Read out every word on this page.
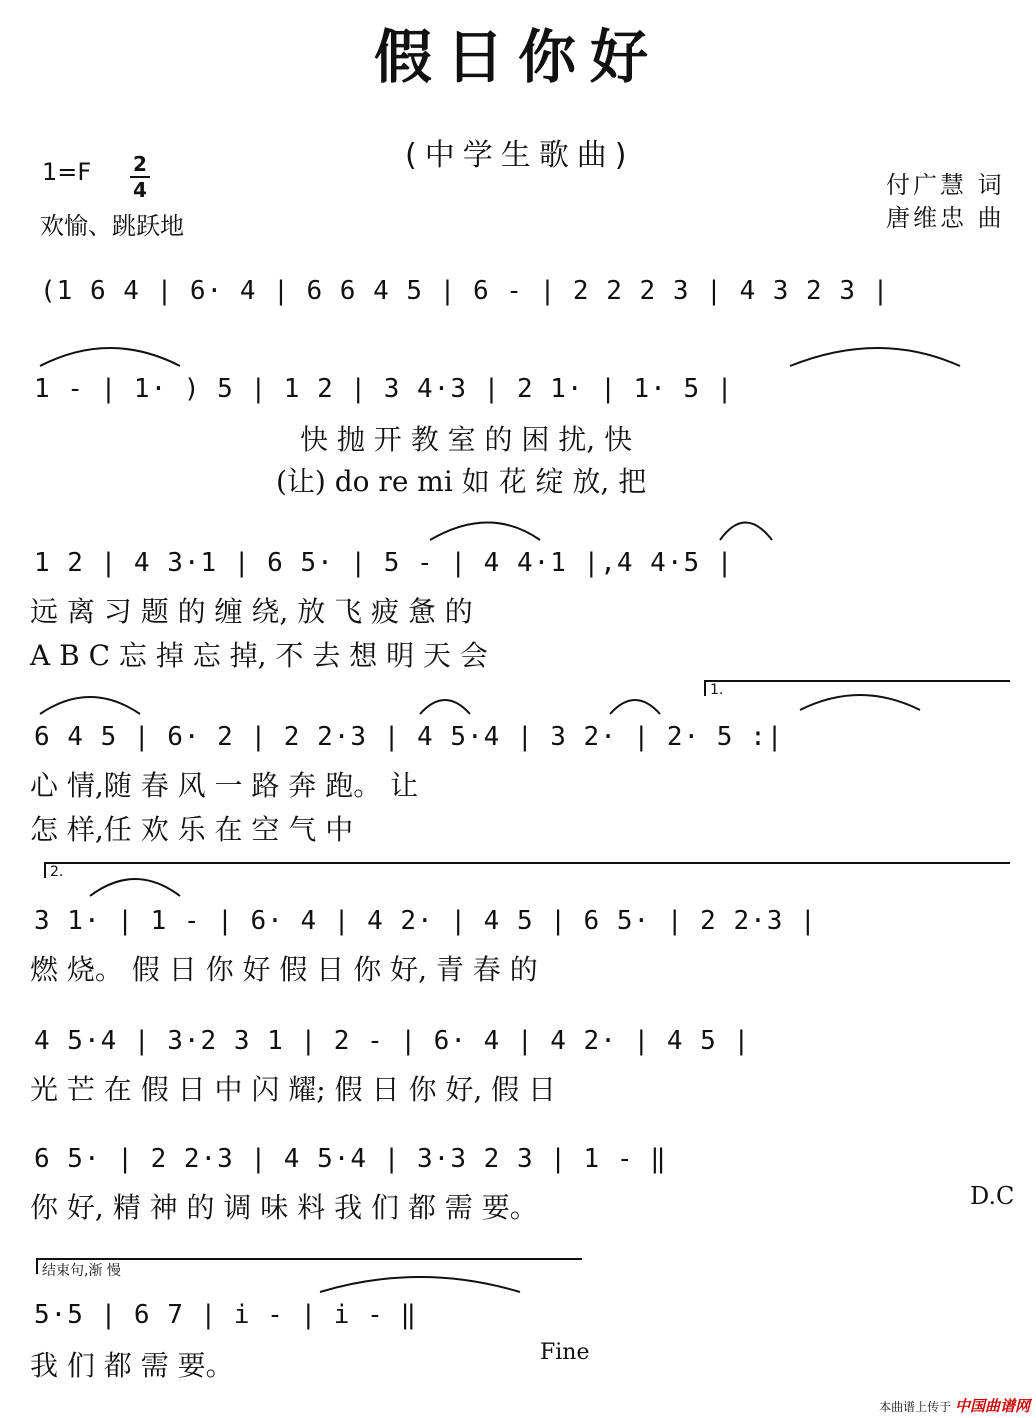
假日你好
(中学生歌曲)
1=F 2
4
欢愉、跳跃地
付广慧 词
唐维忠 曲
(1 6 4 | 6· 4 | 6 6 4 5 | 6 - | 2 2 2 3 | 4 3 2 3 |
1 - | 1· ) 5 | 1 2 | 3 4·3 | 2 1· | 1· 5 |
快 抛 开 教 室 的 困 扰, 快
(让) do re mi 如 花 绽 放, 把
1 2 | 4 3·1 | 6 5· | 5 - | 4 4·1 |,4 4·5 |
远 离 习 题 的 缠 绕, 放 飞 疲 惫 的
A B C 忘 掉 忘 掉, 不 去 想 明 天 会
1.
6 4 5 | 6· 2 | 2 2·3 | 4 5·4 | 3 2· | 2· 5 :|
心 情,随 春 风 一 路 奔 跑。 让
怎 样,任 欢 乐 在 空 气 中
2.
3 1· | 1 - | 6· 4 | 4 2· | 4 5 | 6 5· | 2 2·3 |
燃 烧。 假 日 你 好 假 日 你 好, 青 春 的
4 5·4 | 3·2 3 1 | 2 - | 6· 4 | 4 2· | 4 5 |
光 芒 在 假 日 中 闪 耀; 假 日 你 好, 假 日
6 5· | 2 2·3 | 4 5·4 | 3·3 2 3 | 1 - ‖
你 好, 精 神 的 调 味 料 我 们 都 需 要。	D.C
结束句,渐 慢
5·5 | 6 7 | i - | i - ‖
我 们 都 需 要。	Fine
本曲谱上传于 中国曲谱网
